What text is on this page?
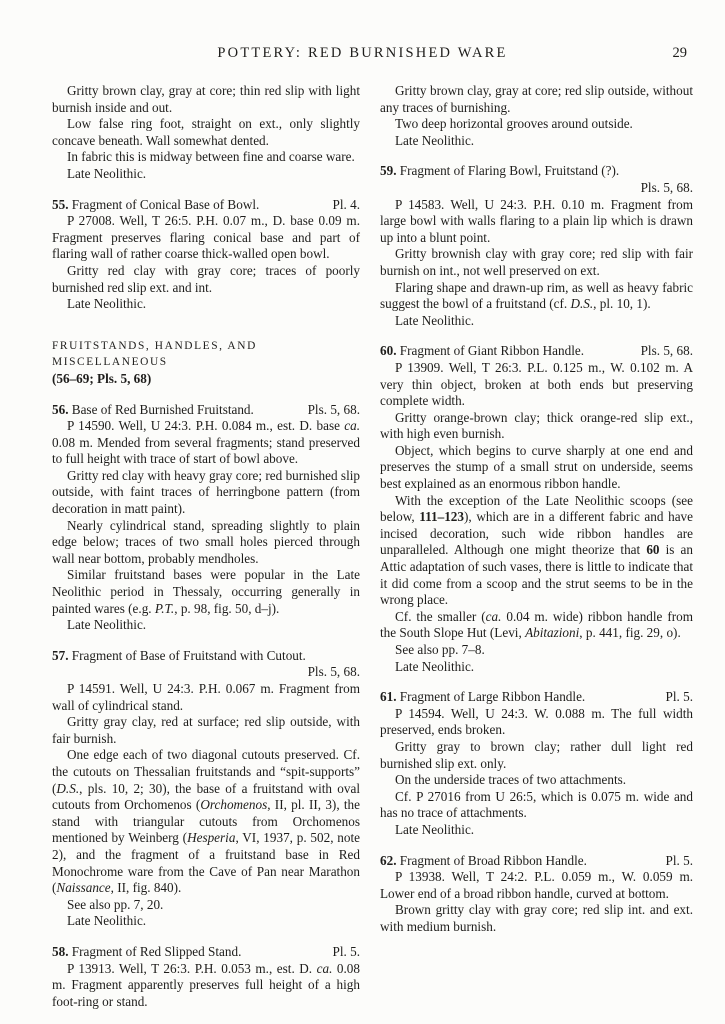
POTTERY: RED BURNISHED WARE	29

Gritty brown clay, gray at core; thin red slip with light burnish inside and out.

Low false ring foot, straight on ext., only slightly concave beneath. Wall somewhat dented.

In fabric this is midway between fine and coarse ware.

Late Neolithic.

55. Fragment of Conical Base of Bowl.	Pl. 4.

P 27008. Well, T 26:5. P.H. 0.07 m., D. base 0.09 m. Fragment preserves flaring conical base and part of flaring wall of rather coarse thick-walled open bowl.

Gritty red clay with gray core; traces of poorly burnished red slip ext. and int.

Late Neolithic.

FRUITSTANDS, HANDLES, AND MISCELLANEOUS
(56–69; Pls. 5, 68)
56. Base of Red Burnished Fruitstand.	Pls. 5, 68.

P 14590. Well, U 24:3. P.H. 0.084 m., est. D. base ca. 0.08 m. Mended from several fragments; stand preserved to full height with trace of start of bowl above.

Gritty red clay with heavy gray core; red burnished slip outside, with faint traces of herringbone pattern (from decoration in matt paint).

Nearly cylindrical stand, spreading slightly to plain edge below; traces of two small holes pierced through wall near bottom, probably mendholes.

Similar fruitstand bases were popular in the Late Neolithic period in Thessaly, occurring generally in painted wares (e.g. P.T., p. 98, fig. 50, d–j).

Late Neolithic.

57. Fragment of Base of Fruitstand with Cutout.
Pls. 5, 68.

P 14591. Well, U 24:3. P.H. 0.067 m. Fragment from wall of cylindrical stand.

Gritty gray clay, red at surface; red slip outside, with fair burnish.

One edge each of two diagonal cutouts preserved. Cf. the cutouts on Thessalian fruitstands and “spit-supports” (D.S., pls. 10, 2; 30), the base of a fruitstand with oval cutouts from Orchomenos (Orchomenos, II, pl. II, 3), the stand with triangular cutouts from Orchomenos mentioned by Weinberg (Hesperia, VI, 1937, p. 502, note 2), and the fragment of a fruitstand base in Red Monochrome ware from the Cave of Pan near Marathon (Naissance, II, fig. 840).

See also pp. 7, 20.

Late Neolithic.

58. Fragment of Red Slipped Stand.	Pl. 5.

P 13913. Well, T 26:3. P.H. 0.053 m., est. D. ca. 0.08 m. Fragment apparently preserves full height of a high foot-ring or stand.

Gritty brown clay, gray at core; red slip outside, without any traces of burnishing.

Two deep horizontal grooves around outside.

Late Neolithic.

59. Fragment of Flaring Bowl, Fruitstand (?).
Pls. 5, 68.

P 14583. Well, U 24:3. P.H. 0.10 m. Fragment from large bowl with walls flaring to a plain lip which is drawn up into a blunt point.

Gritty brownish clay with gray core; red slip with fair burnish on int., not well preserved on ext.

Flaring shape and drawn-up rim, as well as heavy fabric suggest the bowl of a fruitstand (cf. D.S., pl. 10, 1).

Late Neolithic.

60. Fragment of Giant Ribbon Handle.	Pls. 5, 68.

P 13909. Well, T 26:3. P.L. 0.125 m., W. 0.102 m. A very thin object, broken at both ends but preserving complete width.

Gritty orange-brown clay; thick orange-red slip ext., with high even burnish.

Object, which begins to curve sharply at one end and preserves the stump of a small strut on underside, seems best explained as an enormous ribbon handle.

With the exception of the Late Neolithic scoops (see below, 111–123), which are in a different fabric and have incised decoration, such wide ribbon handles are unparalleled. Although one might theorize that 60 is an Attic adaptation of such vases, there is little to indicate that it did come from a scoop and the strut seems to be in the wrong place.

Cf. the smaller (ca. 0.04 m. wide) ribbon handle from the South Slope Hut (Levi, Abitazioni, p. 441, fig. 29, o).

See also pp. 7–8.

Late Neolithic.

61. Fragment of Large Ribbon Handle.	Pl. 5.

P 14594. Well, U 24:3. W. 0.088 m. The full width preserved, ends broken.

Gritty gray to brown clay; rather dull light red burnished slip ext. only.

On the underside traces of two attachments.

Cf. P 27016 from U 26:5, which is 0.075 m. wide and has no trace of attachments.

Late Neolithic.

62. Fragment of Broad Ribbon Handle.	Pl. 5.

P 13938. Well, T 24:2. P.L. 0.059 m., W. 0.059 m. Lower end of a broad ribbon handle, curved at bottom.

Brown gritty clay with gray core; red slip int. and ext. with medium burnish.
